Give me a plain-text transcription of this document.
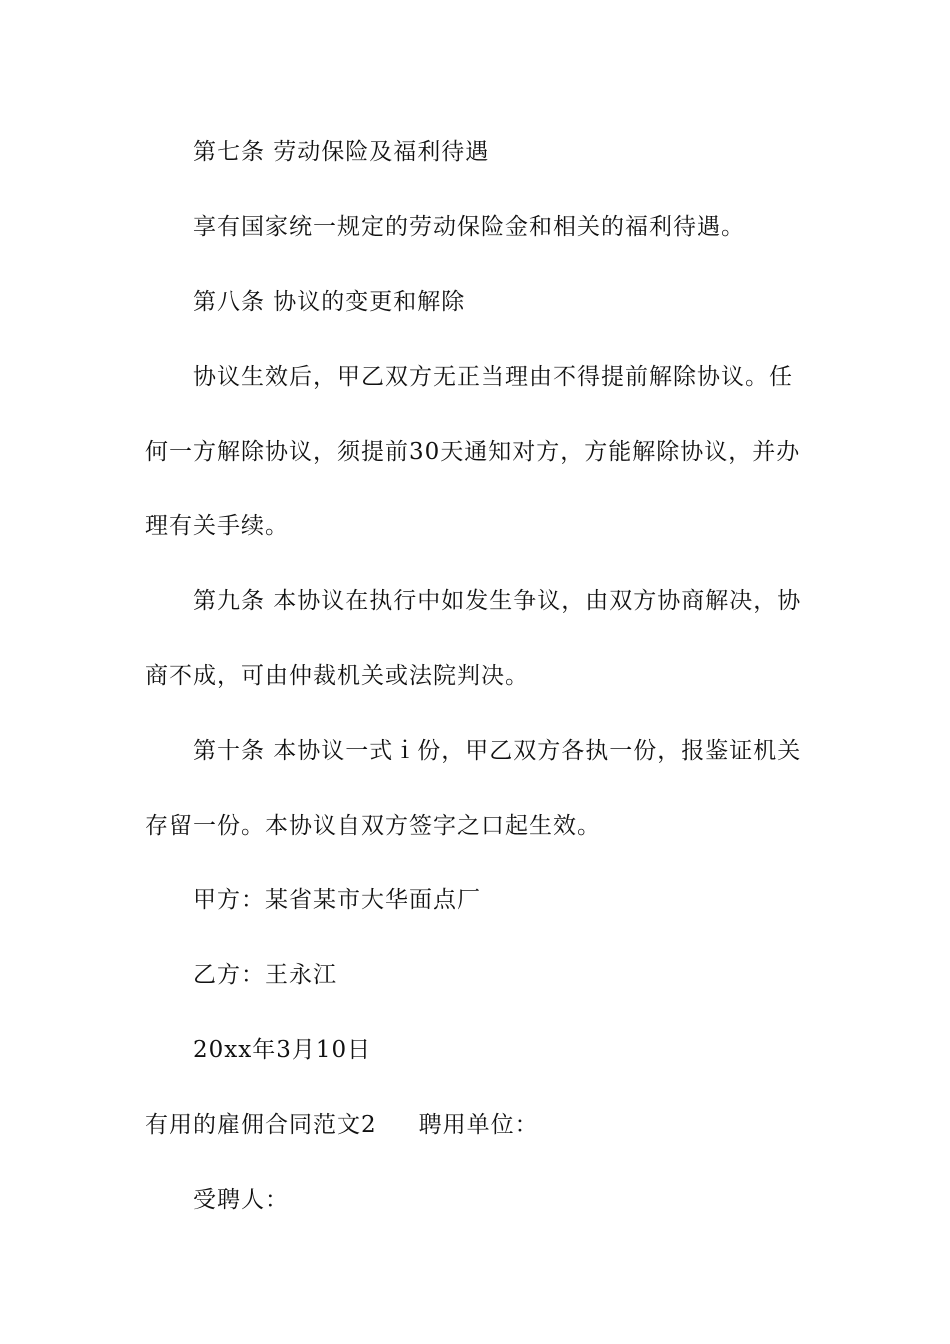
第七条 劳动保险及福利待遇
享有国家统一规定的劳动保险金和相关的福利待遇。
第八条 协议的变更和解除
协议生效后，甲乙双方无正当理由不得提前解除协议。任
何一方解除协议，须提前30天通知对方，方能解除协议，并办
理有关手续。
第九条 本协议在执行中如发生争议，由双方协商解决，协
商不成，可由仲裁机关或法院判决。
第十条 本协议一式ｉ份，甲乙双方各执一份，报鉴证机关
存留一份。本协议自双方签字之口起生效。
甲方：某省某市大华面点厂
乙方：王永江
20xx年3月10日
有用的雇佣合同范文2 聘用单位：
受聘人：
